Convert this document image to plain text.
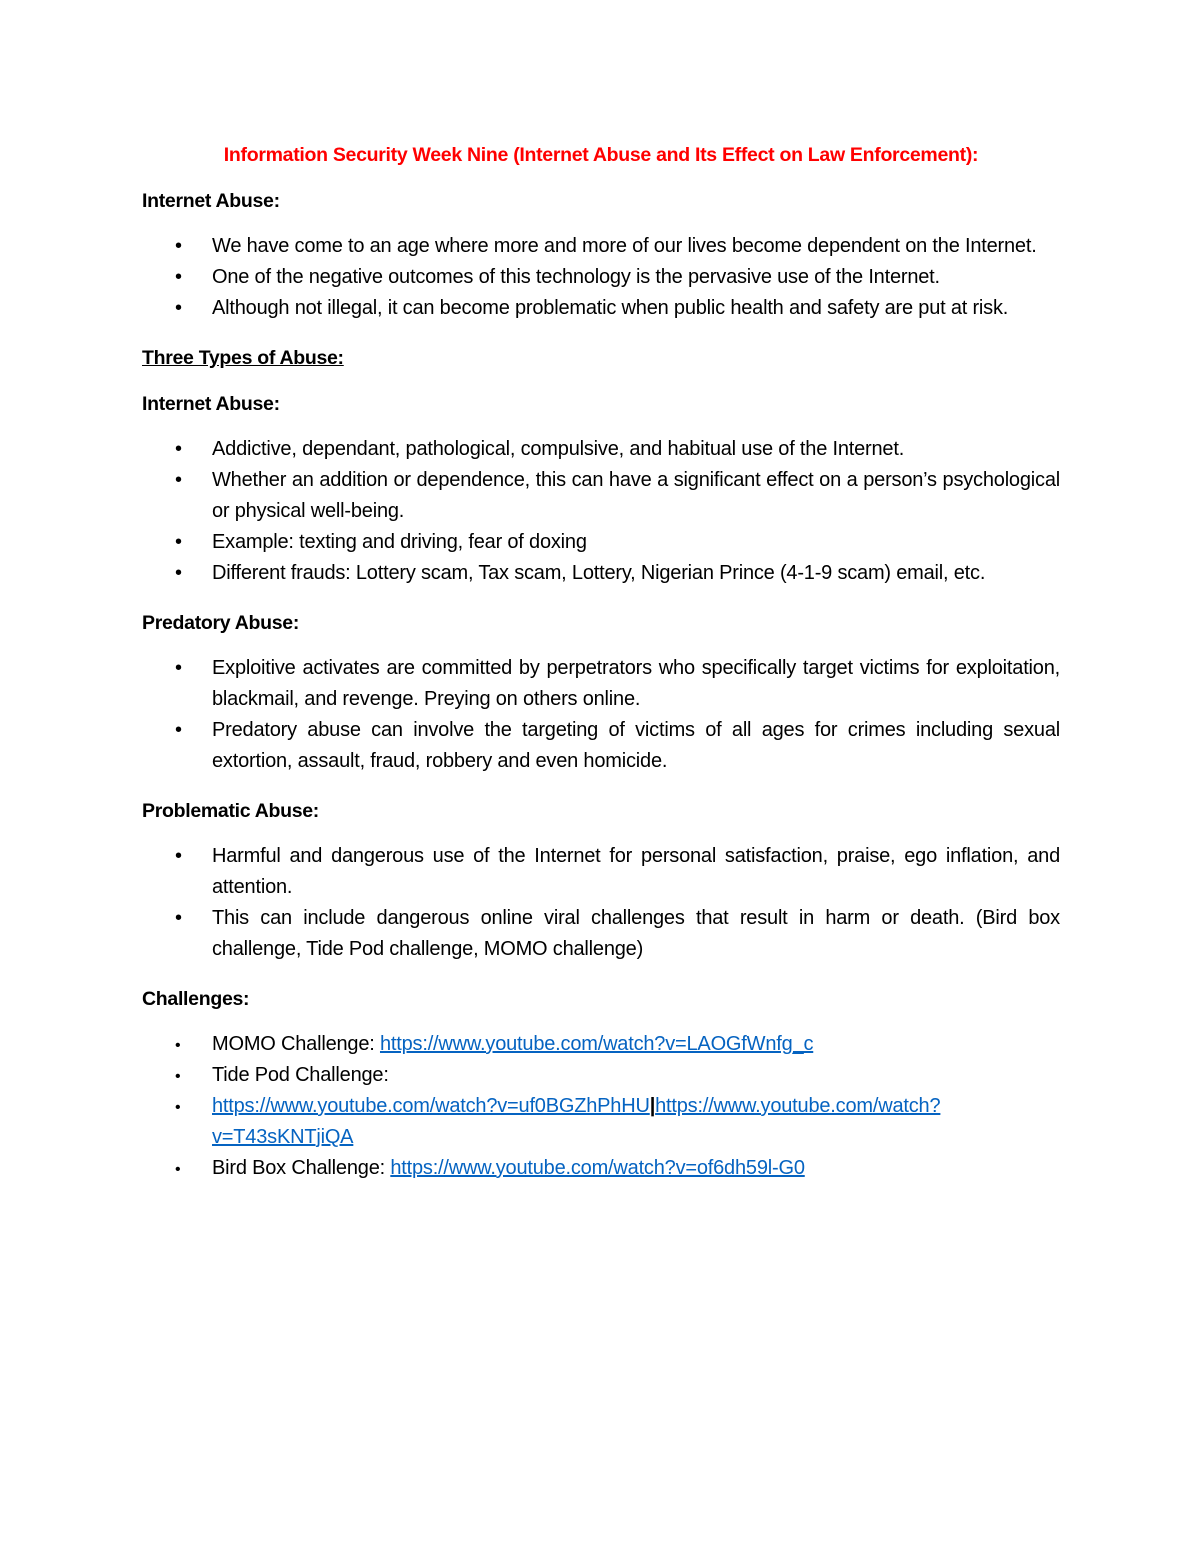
Information Security Week Nine (Internet Abuse and Its Effect on Law Enforcement):
Internet Abuse:
•
We have come to an age where more and more of our lives become dependent on the Internet.
•
One of the negative outcomes of this technology is the pervasive use of the Internet.
•
Although not illegal, it can become problematic when public health and safety are put at risk.
Three Types of Abuse:
Internet Abuse:
•
Addictive, dependant, pathological, compulsive, and habitual use of the Internet.
•
Whether an addition or dependence, this can have a significant effect on a person’s psychological or physical well-being.
•
Example: texting and driving, fear of doxing
•
Different frauds: Lottery scam, Tax scam, Lottery, Nigerian Prince (4-1-9 scam) email, etc.
Predatory Abuse:
•
Exploitive activates are committed by perpetrators who specifically target victims for exploitation, blackmail, and revenge. Preying on others online.
•
Predatory abuse can involve the targeting of victims of all ages for crimes including sexual extortion, assault, fraud, robbery and even homicide.
Problematic Abuse:
•
Harmful and dangerous use of the Internet for personal satisfaction, praise, ego inflation, and attention.
•
This can include dangerous online viral challenges that result in harm or death. (Bird box challenge, Tide Pod challenge, MOMO challenge)
Challenges:
•
MOMO Challenge: https://www.youtube.com/watch?v=LAOGfWnfg_c
•
Tide Pod Challenge:
•
https://www.youtube.com/watch?v=uf0BGZhPhHU|https://www.youtube.com/watch?v=T43sKNTjiQA
•
Bird Box Challenge: https://www.youtube.com/watch?v=of6dh59l-G0
